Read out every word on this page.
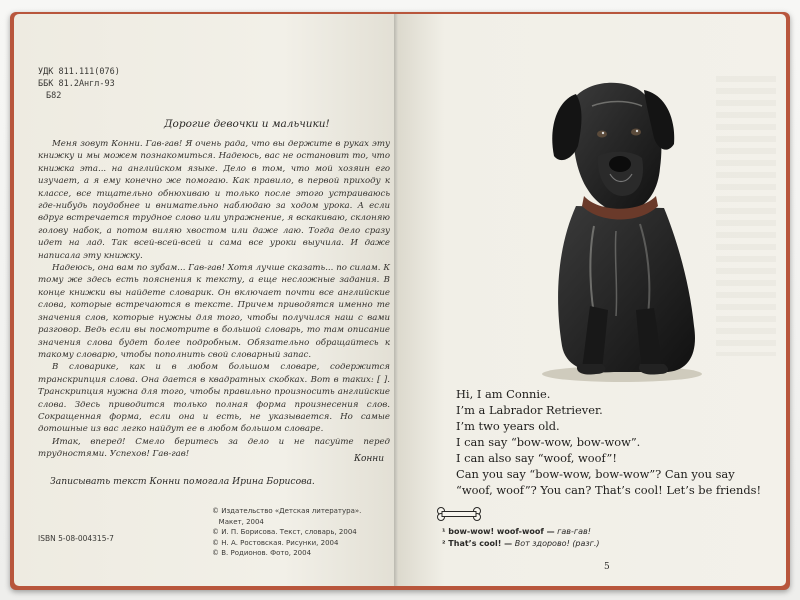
УДК 811.111(076)
ББК 81.2Англ-93
Б82
Дорогие девочки и мальчики!

Меня зовут Конни. Гав-гав! Я очень рада, что вы держите в руках эту книжку и мы можем познакомиться. Надеюсь, вас не остановит то, что книжка эта... на английском языке. Дело в том, что мой хозяин его изучает, а я ему конечно же помогаю. Как правило, в первой приходу к классе, все тщательно обнюхиваю и только после этого устраиваюсь где-нибудь поудобнее и внимательно наблюдаю за ходом урока. А если вдруг встречается трудное слово или упражнение, я вскакиваю, склоняю голову набок, а потом виляю хвостом или даже лаю. Тогда дело сразу идет на лад. Так всей-всей-всей и сама все уроки выучила. И даже написала эту книжку.

Надеюсь, она вам по зубам... Гав-гав! Хотя лучше сказать... по силам. К тому же здесь есть пояснения к тексту, а еще несложные задания. В конце книжки вы найдете словарик. Он включает почти все английские слова, которые встречаются в тексте. Причем приводятся именно те значения слов, которые нужны для того, чтобы получился наш с вами разговор. Ведь если вы посмотрите в большой словарь, то там описание значения слова будет более подробным. Обязательно обращайтесь к такому словарю, чтобы пополнить свой словарный запас.

В словарике, как и в любом большом словаре, содержится транскрипция слова. Она дается в квадратных скобках. Вот в таких: [ ]. Транскрипция нужна для того, чтобы правильно произносить английские слова. Здесь приводится только полная форма произнесения слов. Сокращенная форма, если она и есть, не указывается. Но самые дотошные из вас легко найдут ее в любом большом словаре.

Итак, вперед! Смело беритесь за дело и не пасуйте перед трудностями. Успехов! Гав-гав!	Конни
Записывать текст Конни помогала Ирина Борисова.
© Издательство «Детская литература».
Макет, 2004
© И. П. Борисова. Текст, словарь, 2004
© Н. А. Ростовская. Рисунки, 2004
© В. Родионов. Фото, 2004
ISBN 5-08-004315-7
Hi, I am Connie.
I’m a Labrador Retriever.
I’m two years old.
I can say “bow-wow, bow-wow”.
I can also say “woof, woof”!
Can you say “bow-wow, bow-wow”? Can you say “woof, woof”? You can? That’s cool! Let’s be friends!
¹ bow-wow! woof-woof — гав-гав!
² That’s cool! — Вот здорово! (разг.)
5
